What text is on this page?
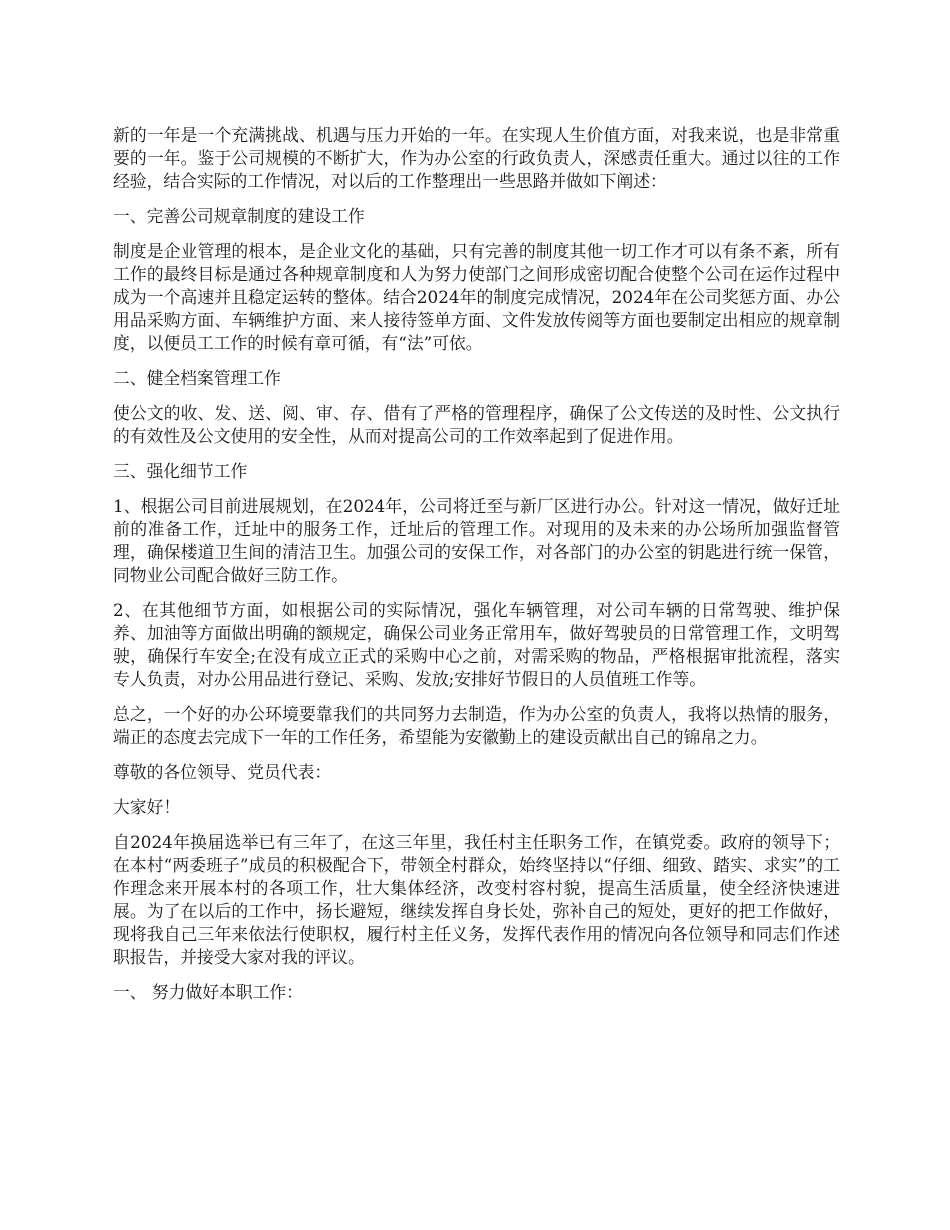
新的一年是一个充满挑战、机遇与压力开始的一年。在实现人生价值方面，对我来说，也是非常重要的一年。鉴于公司规模的不断扩大，作为办公室的行政负责人，深感责任重大。通过以往的工作经验，结合实际的工作情况，对以后的工作整理出一些思路并做如下阐述：

一、完善公司规章制度的建设工作

制度是企业管理的根本，是企业文化的基础，只有完善的制度其他一切工作才可以有条不紊，所有工作的最终目标是通过各种规章制度和人为努力使部门之间形成密切配合使整个公司在运作过程中成为一个高速并且稳定运转的整体。结合2024年的制度完成情况，2024年在公司奖惩方面、办公用品采购方面、车辆维护方面、来人接待签单方面、文件发放传阅等方面也要制定出相应的规章制度，以便员工工作的时候有章可循，有“法”可依。

二、健全档案管理工作

使公文的收、发、送、阅、审、存、借有了严格的管理程序，确保了公文传送的及时性、公文执行的有效性及公文使用的安全性，从而对提高公司的工作效率起到了促进作用。

三、强化细节工作

1、根据公司目前进展规划，在2024年，公司将迁至与新厂区进行办公。针对这一情况，做好迁址前的准备工作，迁址中的服务工作，迁址后的管理工作。对现用的及未来的办公场所加强监督管理，确保楼道卫生间的清洁卫生。加强公司的安保工作，对各部门的办公室的钥匙进行统一保管，同物业公司配合做好三防工作。

2、在其他细节方面，如根据公司的实际情况，强化车辆管理，对公司车辆的日常驾驶、维护保养、加油等方面做出明确的额规定，确保公司业务正常用车，做好驾驶员的日常管理工作，文明驾驶，确保行车安全;在没有成立正式的采购中心之前，对需采购的物品，严格根据审批流程，落实专人负责，对办公用品进行登记、采购、发放;安排好节假日的人员值班工作等。

总之，一个好的办公环境要靠我们的共同努力去制造，作为办公室的负责人，我将以热情的服务，端正的态度去完成下一年的工作任务，希望能为安徽勤上的建设贡献出自己的锦帛之力。

尊敬的各位领导、党员代表：

大家好！

自2024年换届选举已有三年了，在这三年里，我任村主任职务工作，在镇党委。政府的领导下；在本村“两委班子”成员的积极配合下，带领全村群众，始终坚持以“仔细、细致、踏实、求实”的工作理念来开展本村的各项工作，壮大集体经济，改变村容村貌，提高生活质量，使全经济快速进展。为了在以后的工作中，扬长避短，继续发挥自身长处，弥补自己的短处，更好的把工作做好，现将我自己三年来依法行使职权，履行村主任义务，发挥代表作用的情况向各位领导和同志们作述职报告，并接受大家对我的评议。

一、 努力做好本职工作：
